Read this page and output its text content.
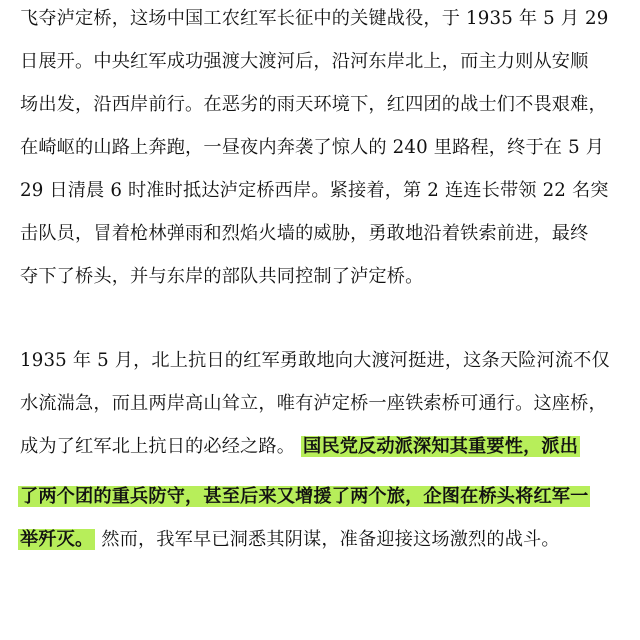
飞夺泸定桥，这场中国工农红军长征中的关键战役，于 1935 年 5 月 29
日展开。中央红军成功强渡大渡河后，沿河东岸北上，而主力则从安顺
场出发，沿西岸前行。在恶劣的雨天环境下，红四团的战士们不畏艰难，
在崎岖的山路上奔跑，一昼夜内奔袭了惊人的 240 里路程，终于在 5 月
29 日清晨 6 时准时抵达泸定桥西岸。紧接着，第 2 连连长带领 22 名突
击队员，冒着枪林弹雨和烈焰火墙的威胁，勇敢地沿着铁索前进，最终
夺下了桥头，并与东岸的部队共同控制了泸定桥。
1935 年 5 月，北上抗日的红军勇敢地向大渡河挺进，这条天险河流不仅
水流湍急，而且两岸高山耸立，唯有泸定桥一座铁索桥可通行。这座桥，
成为了红军北上抗日的必经之路。 国民党反动派深知其重要性，派出
了两个团的重兵防守，甚至后来又增援了两个旅，企图在桥头将红军一
举歼灭。 然而，我军早已洞悉其阴谋，准备迎接这场激烈的战斗。
